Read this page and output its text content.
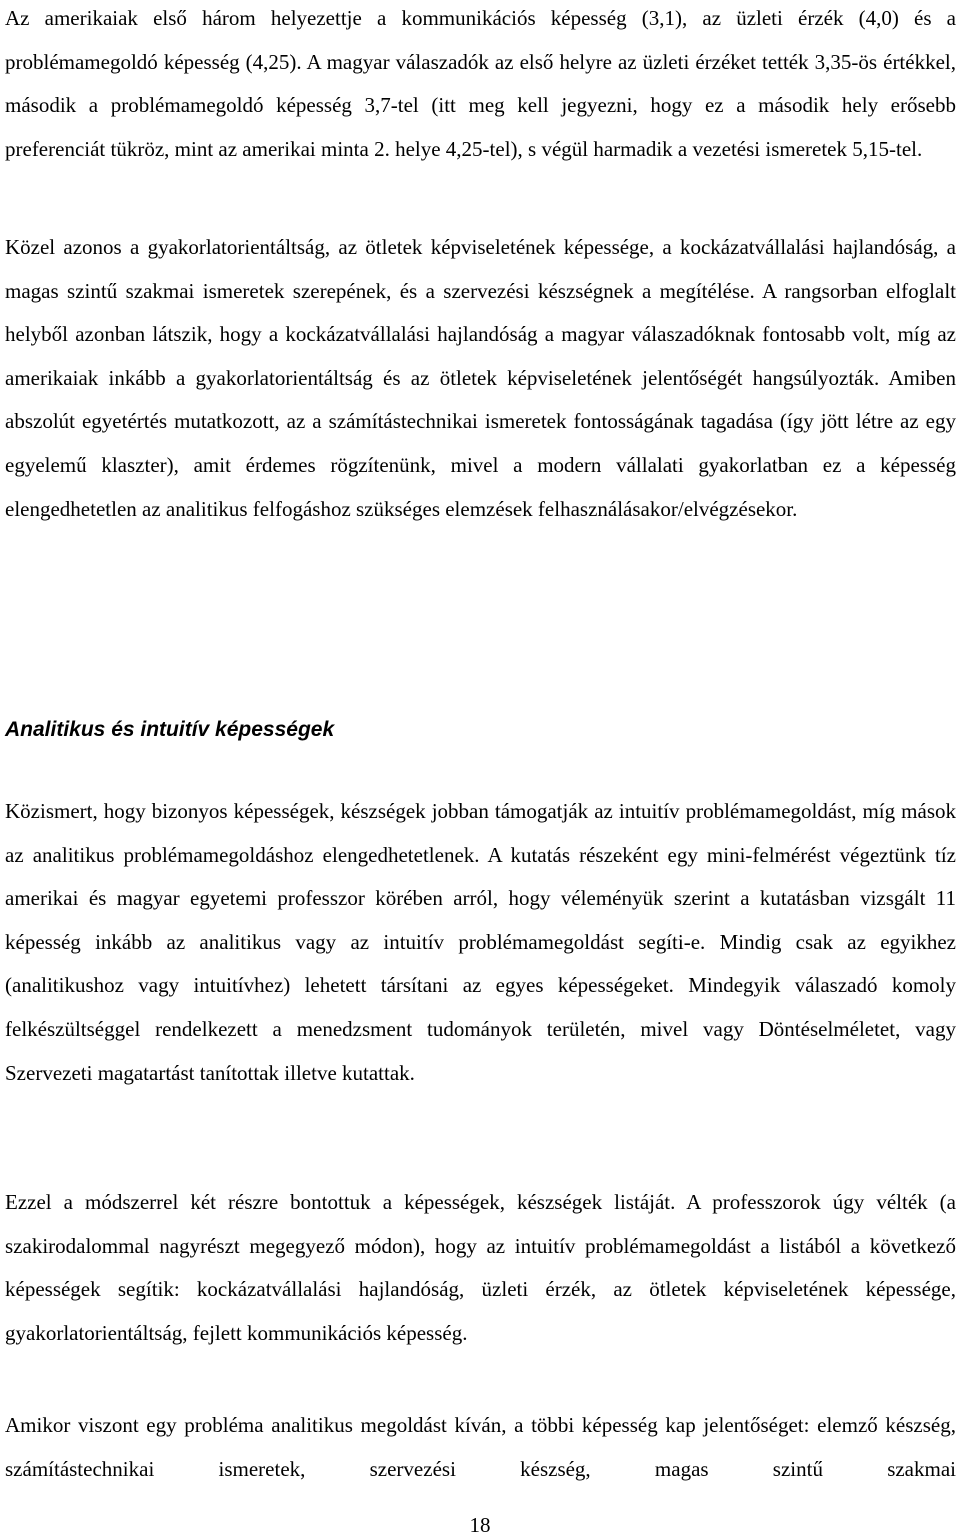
Az amerikaiak első három helyezettje a kommunikációs képesség (3,1), az üzleti érzék (4,0) és a problémamegoldó képesség (4,25). A magyar válaszadók az első helyre az üzleti érzéket tették 3,35-ös értékkel, második a problémamegoldó képesség 3,7-tel (itt meg kell jegyezni, hogy ez a második hely erősebb preferenciát tükröz, mint az amerikai minta 2. helye 4,25-tel), s végül harmadik a vezetési ismeretek 5,15-tel.

Közel azonos a gyakorlatorientáltság, az ötletek képviseletének képessége, a kockázatvállalási hajlandóság, a magas szintű szakmai ismeretek szerepének, és a szervezési készségnek a megítélése. A rangsorban elfoglalt helyből azonban látszik, hogy a kockázatvállalási hajlandóság a magyar válaszadóknak fontosabb volt, míg az amerikaiak inkább a gyakorlatorientáltság és az ötletek képviseletének jelentőségét hangsúlyozták. Amiben abszolút egyetértés mutatkozott, az a számítástechnikai ismeretek fontosságának tagadása (így jött létre az egy egyelemű klaszter), amit érdemes rögzítenünk, mivel a modern vállalati gyakorlatban ez a képesség elengedhetetlen az analitikus felfogáshoz szükséges elemzések felhasználásakor/elvégzésekor.

Analitikus és intuitív képességek

Közismert, hogy bizonyos képességek, készségek jobban támogatják az intuitív problémamegoldást, míg mások az analitikus problémamegoldáshoz elengedhetetlenek. A kutatás részeként egy mini-felmérést végeztünk tíz amerikai és magyar egyetemi professzor körében arról, hogy véleményük szerint a kutatásban vizsgált 11 képesség inkább az analitikus vagy az intuitív problémamegoldást segíti-e. Mindig csak az egyikhez (analitikushoz vagy intuitívhez) lehetett társítani az egyes képességeket. Mindegyik válaszadó komoly felkészültséggel rendelkezett a menedzsment tudományok területén, mivel vagy Döntéselméletet, vagy Szervezeti magatartást tanítottak illetve kutattak.

Ezzel a módszerrel két részre bontottuk a képességek, készségek listáját. A professzorok úgy vélték (a szakirodalommal nagyrészt megegyező módon), hogy az intuitív problémamegoldást a listából a következő képességek segítik: kockázatvállalási hajlandóság, üzleti érzék, az ötletek képviseletének képessége, gyakorlatorientáltság, fejlett kommunikációs képesség.

Amikor viszont egy probléma analitikus megoldást kíván, a többi képesség kap jelentőséget: elemző készség, számítástechnikai ismeretek, szervezési készség, magas szintű szakmai

18
